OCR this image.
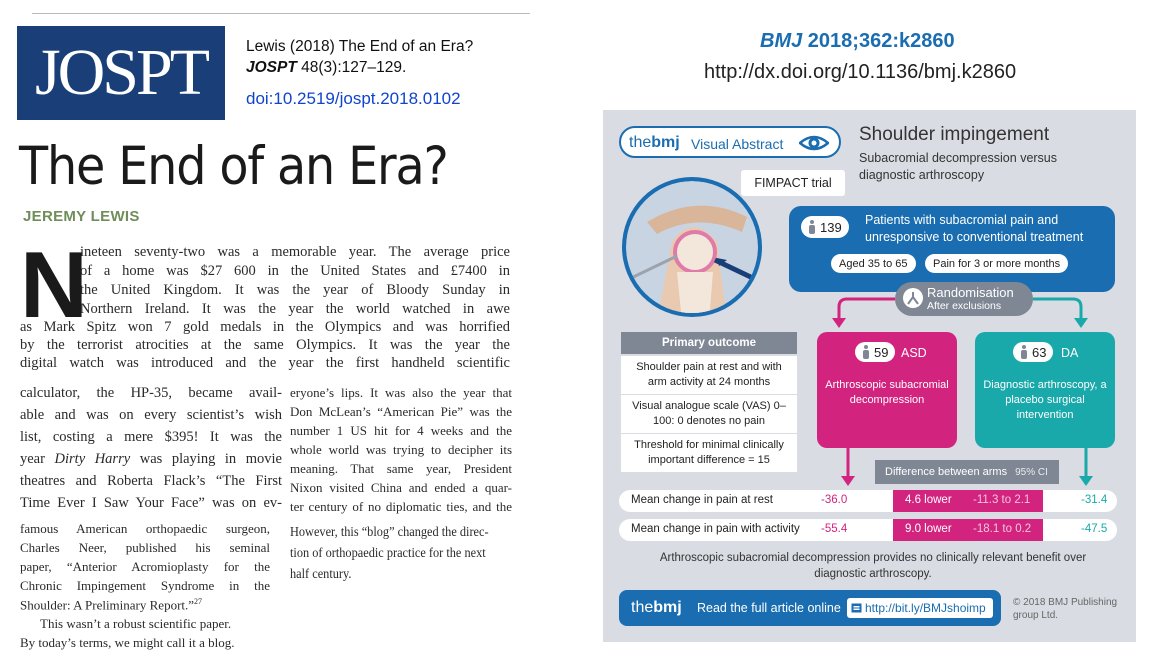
JOSPT	Lewis (2018) The End of an Era?
JOSPT 48(3):127–129.
doi:10.2519/jospt.2018.0102
The End of an Era?
JEREMY LEWIS
N
ineteen seventy-two was a memorable year. The average price
of a home was $27 600 in the United States and £7400 in
the United Kingdom. It was the year of Bloody Sunday in
Northern Ireland. It was the year the world watched in awe
as Mark Spitz won 7 gold medals in the Olympics and was horrified
by the terrorist atrocities at the same Olympics. It was the year the
digital watch was introduced and the year the first handheld scientific
calculator, the HP-35, became avail-
able and was on every scientist’s wish
list, costing a mere $395! It was the
year Dirty Harry was playing in movie
theatres and Roberta Flack’s “The First
Time Ever I Saw Your Face” was on ev-
famous American orthopaedic surgeon,
Charles Neer, published his seminal
paper, “Anterior Acromioplasty for the
Chronic Impingement Syndrome in the
Shoulder: A Preliminary Report.”$^{27}$
This wasn’t a robust scientific paper.
By today’s terms, we might call it a blog.
eryone’s lips. It was also the year that
Don McLean’s “American Pie” was the
number 1 US hit for 4 weeks and the
whole world was trying to decipher its
meaning. That same year, President
Nixon visited China and ended a quar-
ter century of no diplomatic ties, and the
However, this “blog” changed the direc-
tion of orthopaedic practice for the next
half century.
BMJ 2018;362:k2860
http://dx.doi.org/10.1136/bmj.k2860
thebmj Visual Abstract	Shoulder impingement
Subacromial decompression versus diagnostic arthroscopy
FIMPACT trial
139 Patients with subacromial pain and unresponsive to conventional treatment
Aged 35 to 65	Pain for 3 or more months
Randomisation
After exclusions
Primary outcome
Shoulder pain at rest and with arm activity at 24 months
Visual analogue scale (VAS) 0–100: 0 denotes no pain
Threshold for minimal clinically important difference = 15
59 ASD
Arthroscopic subacromial decompression
63 DA
Diagnostic arthroscopy, a placebo surgical intervention
Difference between arms 95% CI
Mean change in pain at rest	-36.0	4.6 lower -11.3 to 2.1	-31.4
Mean change in pain with activity -55.4	9.0 lower -18.1 to 0.2	-47.5
Arthroscopic subacromial decompression provides no clinically relevant benefit over diagnostic arthroscopy.
thebmj Read the full article online http://bit.ly/BMJshoimp	© 2018 BMJ Publishing group Ltd.
